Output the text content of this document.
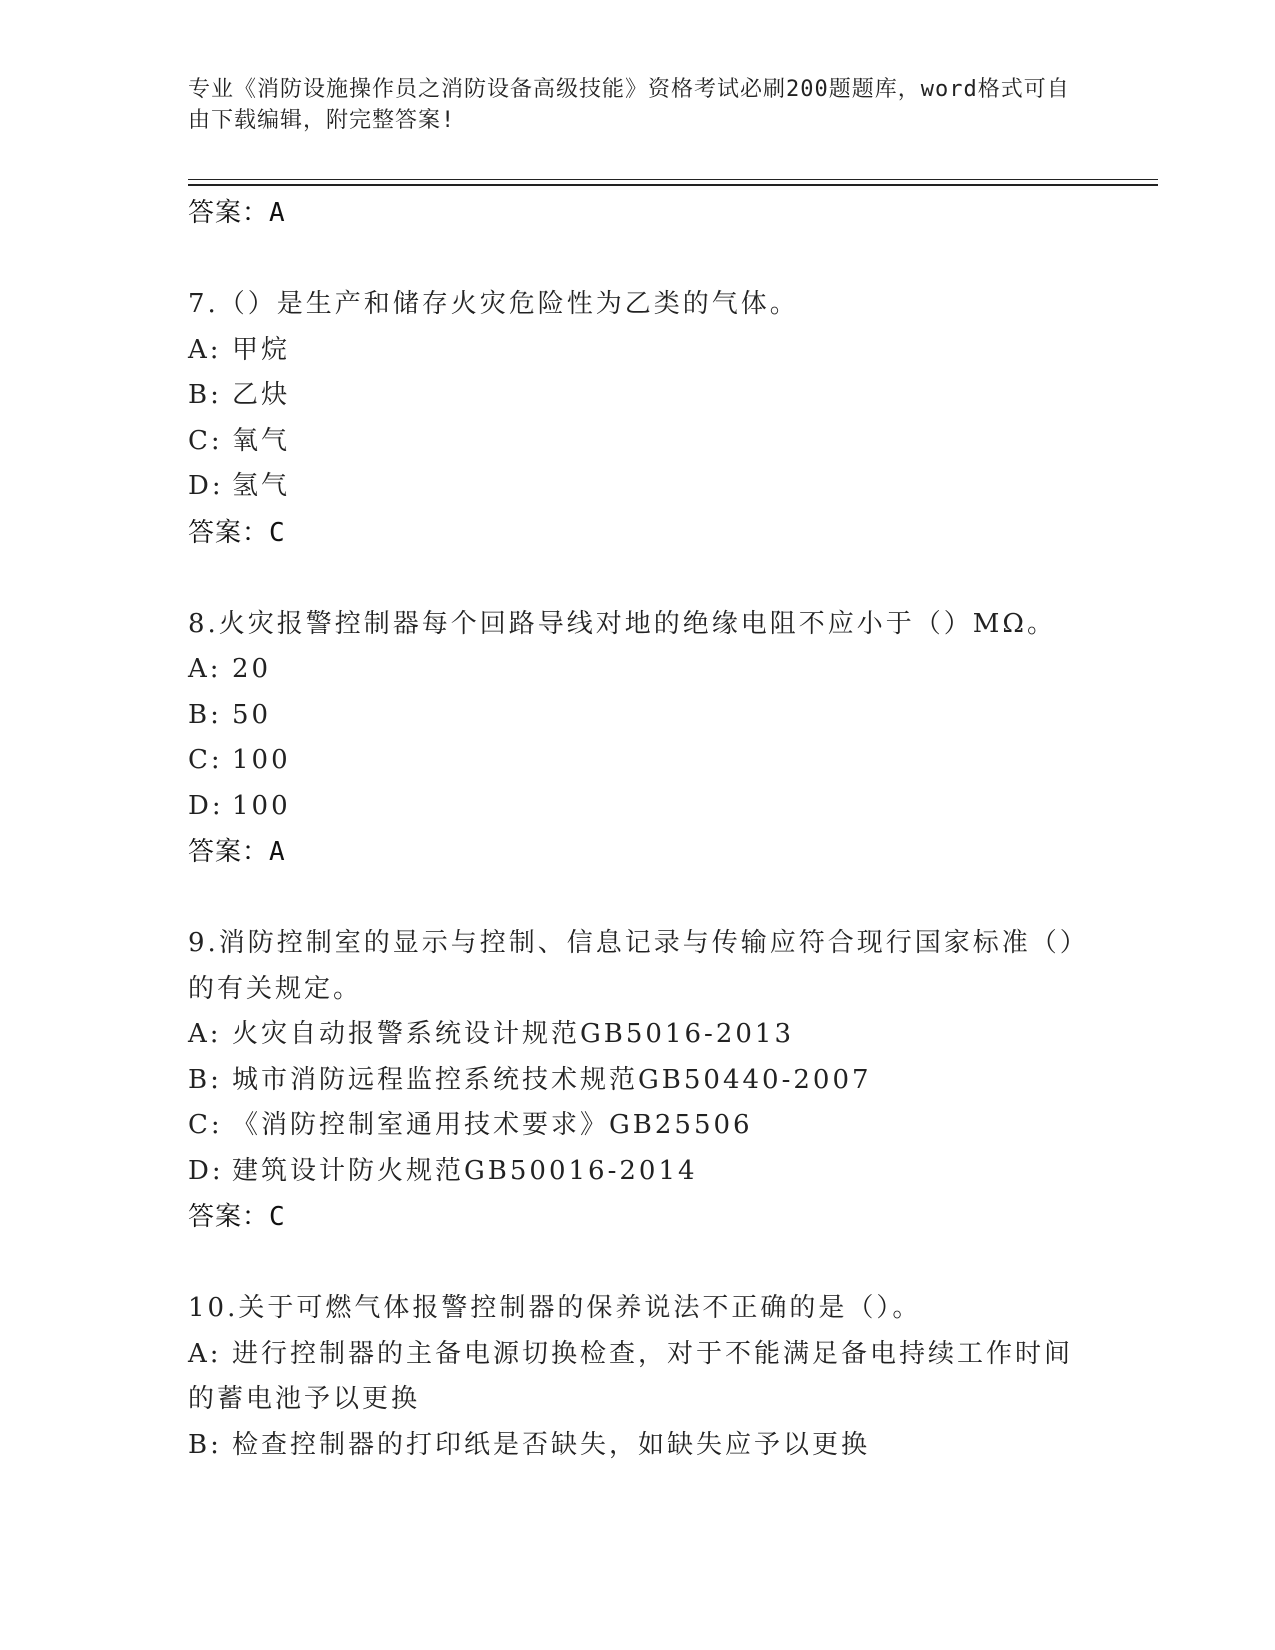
专业《消防设施操作员之消防设备高级技能》资格考试必刷200题题库，word格式可自由下载编辑，附完整答案!
答案：A
7.（）是生产和储存火灾危险性为乙类的气体。
A: 甲烷
B: 乙炔
C: 氧气
D: 氢气
答案：C
8.火灾报警控制器每个回路导线对地的绝缘电阻不应小于（）MΩ。
A: 20
B: 50
C: 100
D: 100
答案：A
9.消防控制室的显示与控制、信息记录与传输应符合现行国家标准（）的有关规定。
A: 火灾自动报警系统设计规范GB5016-2013
B: 城市消防远程监控系统技术规范GB50440-2007
C: 《消防控制室通用技术要求》GB25506
D: 建筑设计防火规范GB50016-2014
答案：C
10.关于可燃气体报警控制器的保养说法不正确的是（）。
A: 进行控制器的主备电源切换检查，对于不能满足备电持续工作时间的蓄电池予以更换
B: 检查控制器的打印纸是否缺失，如缺失应予以更换
